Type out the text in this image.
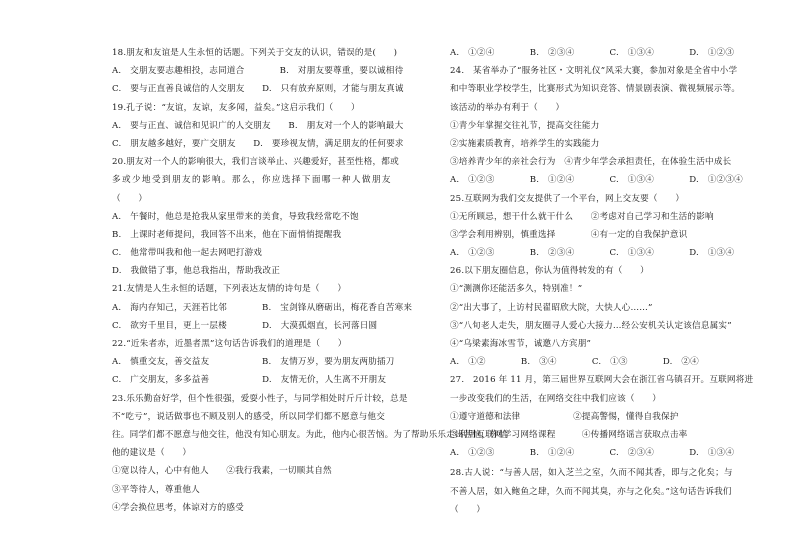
18.朋友和友谊是人生永恒的话题。下列关于交友的认识，错误的是(　　)
A.　交朋友要志趣相投，志同道合　　　　B.　对朋友要尊重，要以诚相待
C.　要与正直善良诚信的人交朋友　　D.　只有放弃原则，才能与朋友真诚
19.孔子说：“友谊，友谅，友多闻，益矣。”这启示我们（　　）
A.　要与正直、诚信和见识广的人交朋友　　B.　朋友对一个人的影响最大
C.　朋友越多越好，要广交朋友　　D.　要珍视友情，满足朋友的任何要求
20.朋友对一个人的影响很大，我们言谈举止、兴趣爱好，甚至性格，都或
多或少地受到朋友的影响。那么，你应选择下面哪一种人做朋友
（　　）
A.　午餐时，他总是抢我从家里带来的美食，导致我经常吃不饱
B.　上课时老师提问，我回答不出来，他在下面悄悄提醒我
C.　他常带叫我和他一起去网吧打游戏
D.　我做错了事，他总我指出，帮助我改正
21.友情是人生永恒的话题，下列表达友情的诗句是（　　）
A.　海内存知己，天涯若比邻　　　　B.　宝剑锋从磨砺出，梅花香自苦寒来
C.　欲穷千里目，更上一层楼　　　　D.　大漠孤烟直，长河落日圆
22.“近朱者赤，近墨者黑”这句话告诉我们的道理是（　　）
A.　慎重交友，善交益友　　　　　　B.　友情万岁，要为朋友两肋插刀
C.　广交朋友，多多益善　　　　　　D.　友情无价，人生离不开朋友
23.乐乐勤奋好学，但个性很强，爱耍小性子，与同学相处时斤斤计较，总是
不“吃亏”，说话做事也不顾及别人的感受，所以同学们都不愿意与他交
往。同学们都不愿意与他交往，他没有知心朋友。为此，他内心很苦恼。为了帮助乐乐走出苦恼，你给
他的建议是（　　）
①宽以待人，心中有他人　　②我行我素，一切顺其自然
③平等待人，尊重他人
④学会换位思考，体谅对方的感受
A.　①②④　　　　B.　②③④　　　　C.　①③④　　　　D.　①②③
24.　某省举办了“服务社区・文明礼仪”风采大赛，参加对象是全省中小学
和中等职业学校学生，比赛形式为知识竞答、情景剧表演、微视频展示等。
该活动的举办有利于（　　）
①青少年掌握交往礼节，提高交往能力
②实施素质教育，培养学生的实践能力
③培养青少年的亲社会行为　④青少年学会承担责任，在体验生活中成长
A.　①②③　　　　B.　①②④　　　　C.　①③④　　　　D.　①②③④
25.互联网为我们交友提供了一个平台，网上交友要（　　）
①无所顾忌，想干什么就干什么　　②考虑对自己学习和生活的影响
③学会利用辨别，慎重选择　　　　④有一定的自我保护意识
A.　①②③　　　　B.　②③④　　　　C.　①③④　　　　D.　①③④
26.以下朋友圈信息，你认为值得转发的有（　　）
①“测测你还能活多久，特别准！”
②“出大事了，上访村民翟昭欣大院，大快人心……”
③“八旬老人走失，朋友圈寻人爱心大接力…经公安机关认定该信息属实”
④“乌梁素海冰雪节，诚邀八方宾朋”
A.　①②　　　　B.　③④　　　　C.　①③　　　　D.　②④
27.　2016 年 11 月，第三届世界互联网大会在浙江省乌镇召开。互联网将进
一步改变我们的生活，在网络交往中我们应该（　　）
①遵守道德和法律　　　　　　②提高警惕，懂得自我保护
③利用互联网学习网络课程　　　④传播网络谣言获取点击率
A.　①②③　　　　B.　①②④　　　　C.　②③④　　　　D.　①③④
28.古人说：“与善人居，如入芝兰之室，久而不闻其香，即与之化矣；与
不善人居，如入鲍鱼之肆，久而不闻其臭，亦与之化矣。”这句话告诉我们
（　　）
